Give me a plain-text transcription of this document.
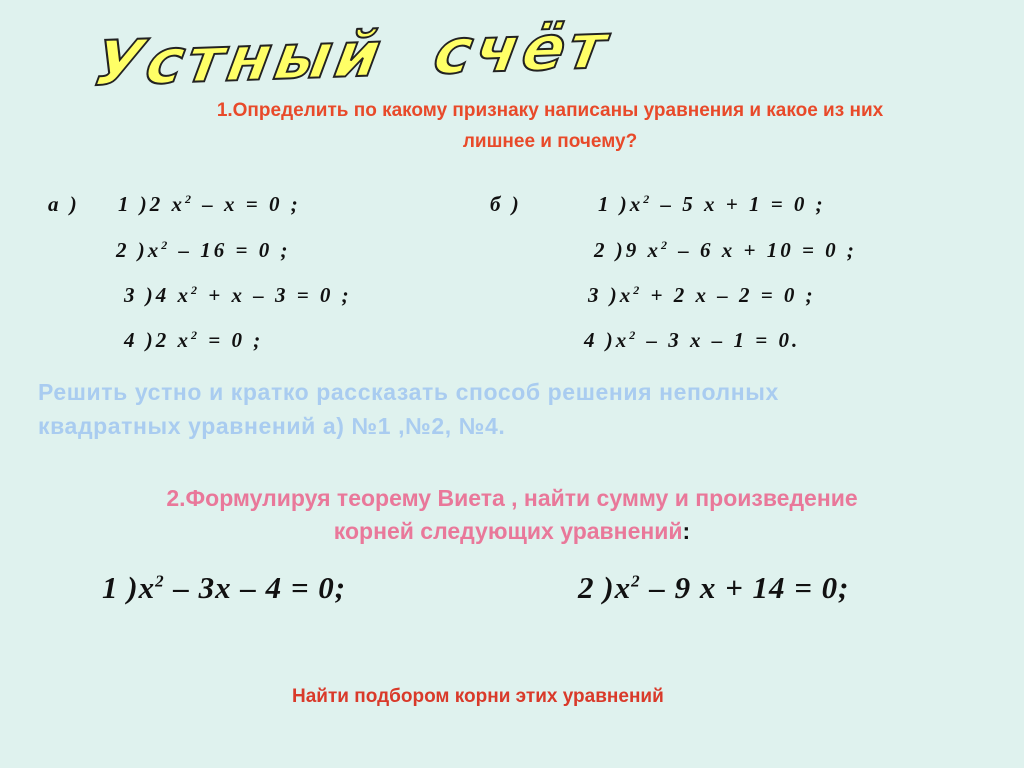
Устный  счёт
1.Определить по какому признаку написаны уравнения и какое из них
лишнее и почему?
а ) 1 )2 $x^2 - x = 0$ ;
2 )$x^2 - 16 = 0$ ;
3 )4 $x^2 + x - 3 = 0$ ;
4 )2 $x^2 = 0$ ;
б )	1 )$x^2 - 5$ x + 1 = 0 ;
2 )9 $x^2 - 6$ x + 10 = 0 ;
3 )$x^2 + 2$ x – 2 = 0 ;
4 )$x^2 - 3$ x – 1 = 0.
Решить устно и кратко рассказать способ решения неполных
квадратных уравнений а) №1 ,№2, №4.
2.Формулируя теорему Виета , найти сумму и произведение
корней следующих уравнений:
1 )$x^2 - 3x - 4 = 0$;	2 )$x^2 - 9$ x + 14 = 0;
Найти подбором корни этих уравнений
